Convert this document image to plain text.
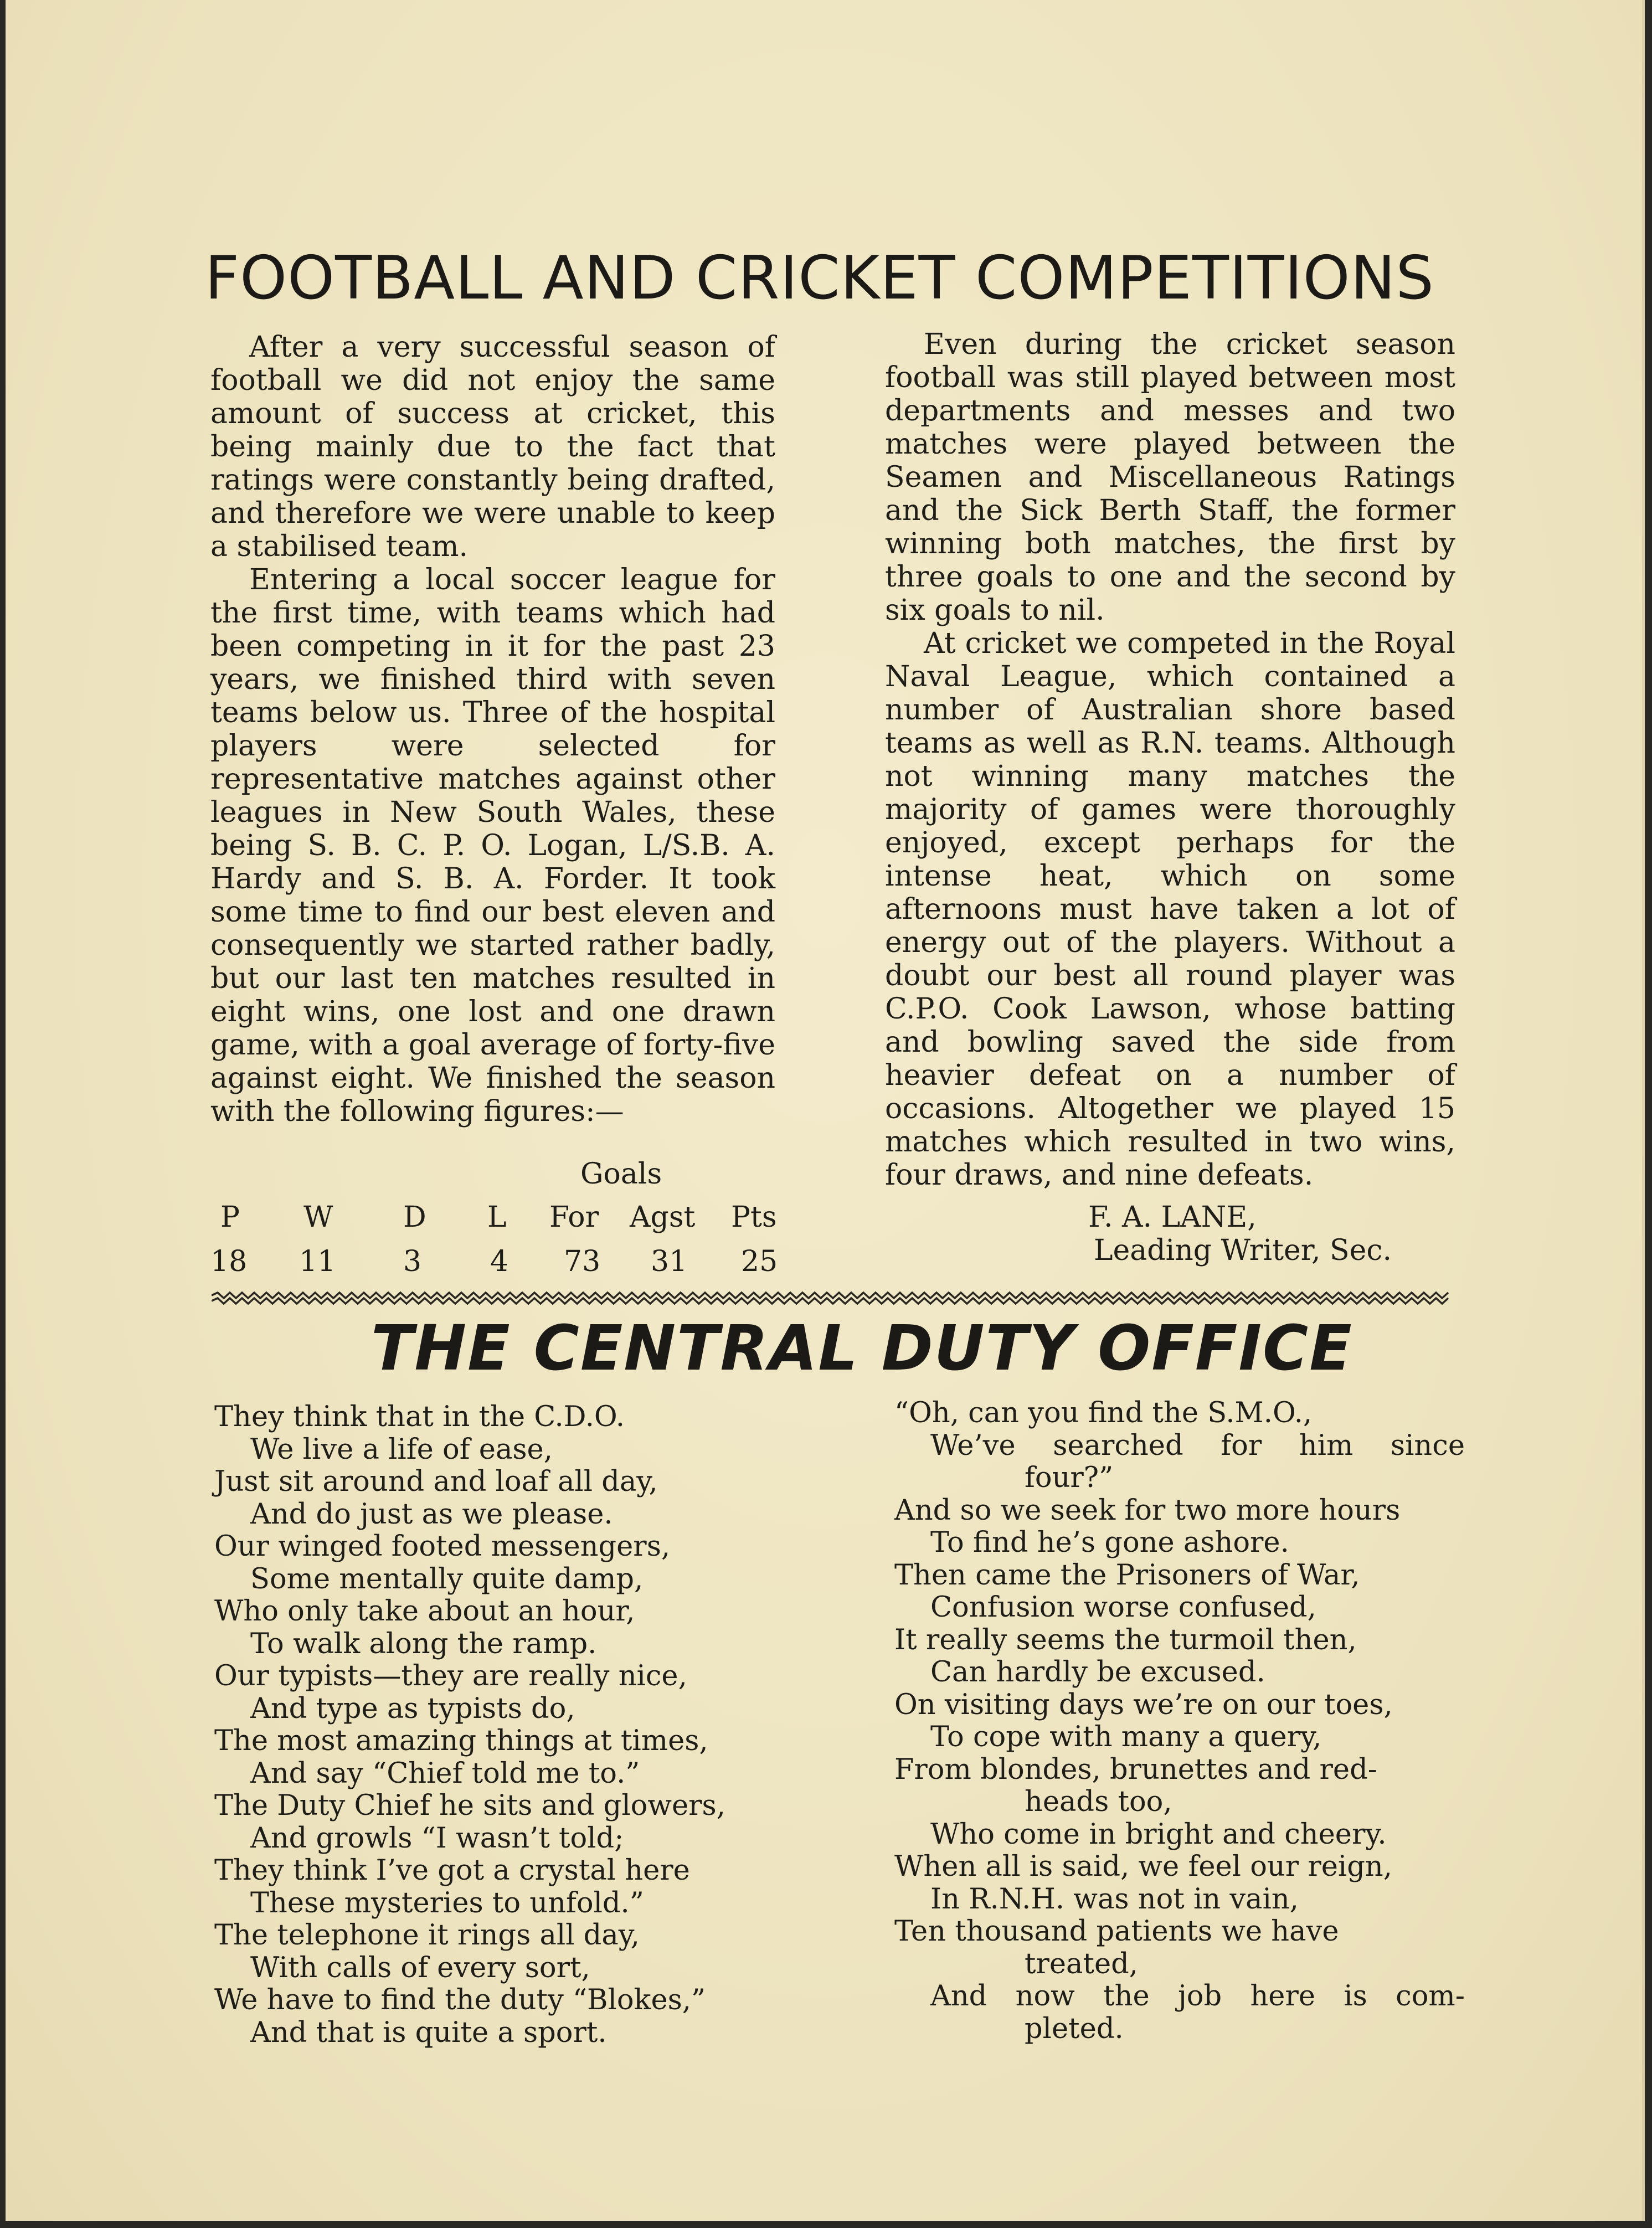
FOOTBALL AND CRICKET COMPETITIONS

After a very successful season of football we did not enjoy the same amount of success at cricket, this being mainly due to the fact that ratings were constantly being drafted, and therefore we were unable to keep a stabilised team.

Entering a local soccer league for the first time, with teams which had been competing in it for the past 23 years, we finished third with seven teams below us. Three of the hospital players were selected for representative matches against other leagues in New South Wales, these being S. B. C. P. O. Logan, L/S.B. A. Hardy and S. B. A. Forder. It took some time to find our best eleven and consequently we started rather badly, but our last ten matches resulted in eight wins, one lost and one drawn game, with a goal average of forty-five against eight. We finished the season with the following figures:—

Goals
P W D L For Agst Pts
18 11 3 4 73 31 25

Even during the cricket season football was still played between most departments and messes and two matches were played between the Seamen and Miscellaneous Ratings and the Sick Berth Staff, the former winning both matches, the first by three goals to one and the second by six goals to nil.

At cricket we competed in the Royal Naval League, which contained a number of Australian shore based teams as well as R.N. teams. Although not winning many matches the majority of games were thoroughly enjoyed, except perhaps for the intense heat, which on some afternoons must have taken a lot of energy out of the players. Without a doubt our best all round player was C.P.O. Cook Lawson, whose batting and bowling saved the side from heavier defeat on a number of occasions. Altogether we played 15 matches which resulted in two wins, four draws, and nine defeats.

F. A. LANE,
Leading Writer, Sec.
THE CENTRAL DUTY OFFICE
They think that in the C.D.O.
We live a life of ease,
Just sit around and loaf all day,
And do just as we please.
Our winged footed messengers,
Some mentally quite damp,
Who only take about an hour,
To walk along the ramp.
Our typists—they are really nice,
And type as typists do,
The most amazing things at times,
And say “Chief told me to.”
The Duty Chief he sits and glowers,
And growls “I wasn’t told;
They think I’ve got a crystal here
These mysteries to unfold.”
The telephone it rings all day,
With calls of every sort,
We have to find the duty “Blokes,”
And that is quite a sport.
“Oh, can you find the S.M.O.,
We’ve searched for him since
four?”
And so we seek for two more hours
To find he’s gone ashore.
Then came the Prisoners of War,
Confusion worse confused,
It really seems the turmoil then,
Can hardly be excused.
On visiting days we’re on our toes,
To cope with many a query,
From blondes, brunettes and red-
heads too,
Who come in bright and cheery.
When all is said, we feel our reign,
In R.N.H. was not in vain,
Ten thousand patients we have
treated,
And now the job here is com-
pleted.
